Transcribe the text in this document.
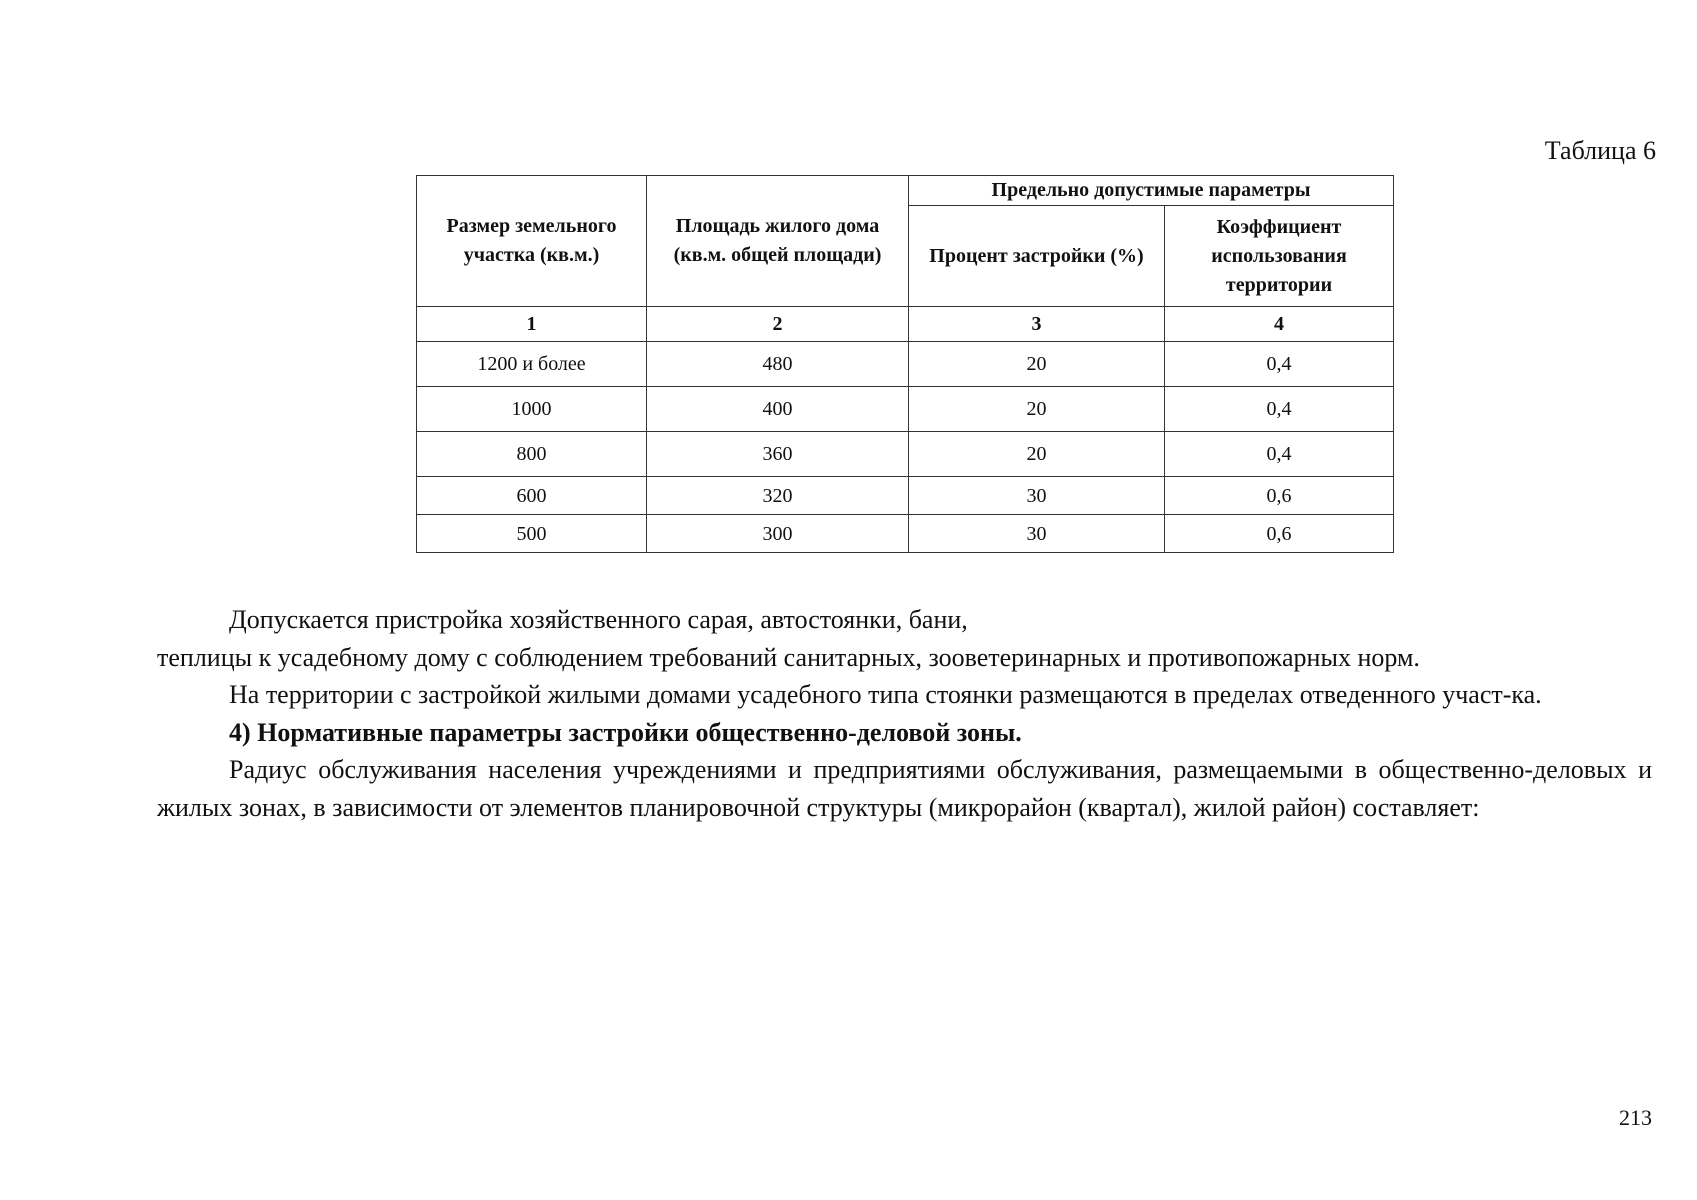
Таблица 6
Размер земельного участка (кв.м.)	Площадь жилого дома (кв.м. общей площади)	Предельно допустимые параметры	
		Процент застройки (%)	Коэффициент использования территории
1	2	3	4
1200 и более	480	20	0,4
1000	400	20	0,4
800	360	20	0,4
600	320	30	0,6
500	300	30	0,6

Допускается пристройка хозяйственного сарая, автостоянки, бани,

теплицы к усадебному дому с соблюдением требований санитарных, зооветеринарных и противопожарных норм.

На территории с застройкой жилыми домами усадебного типа стоянки размещаются в пределах отведенного участ-ка.

4) Нормативные параметры застройки общественно-деловой зоны.

Радиус обслуживания населения учреждениями и предприятиями обслуживания, размещаемыми в общественно-деловых и жилых зонах, в зависимости от элементов планировочной структуры (микрорайон (квартал), жилой район) составляет:

213
